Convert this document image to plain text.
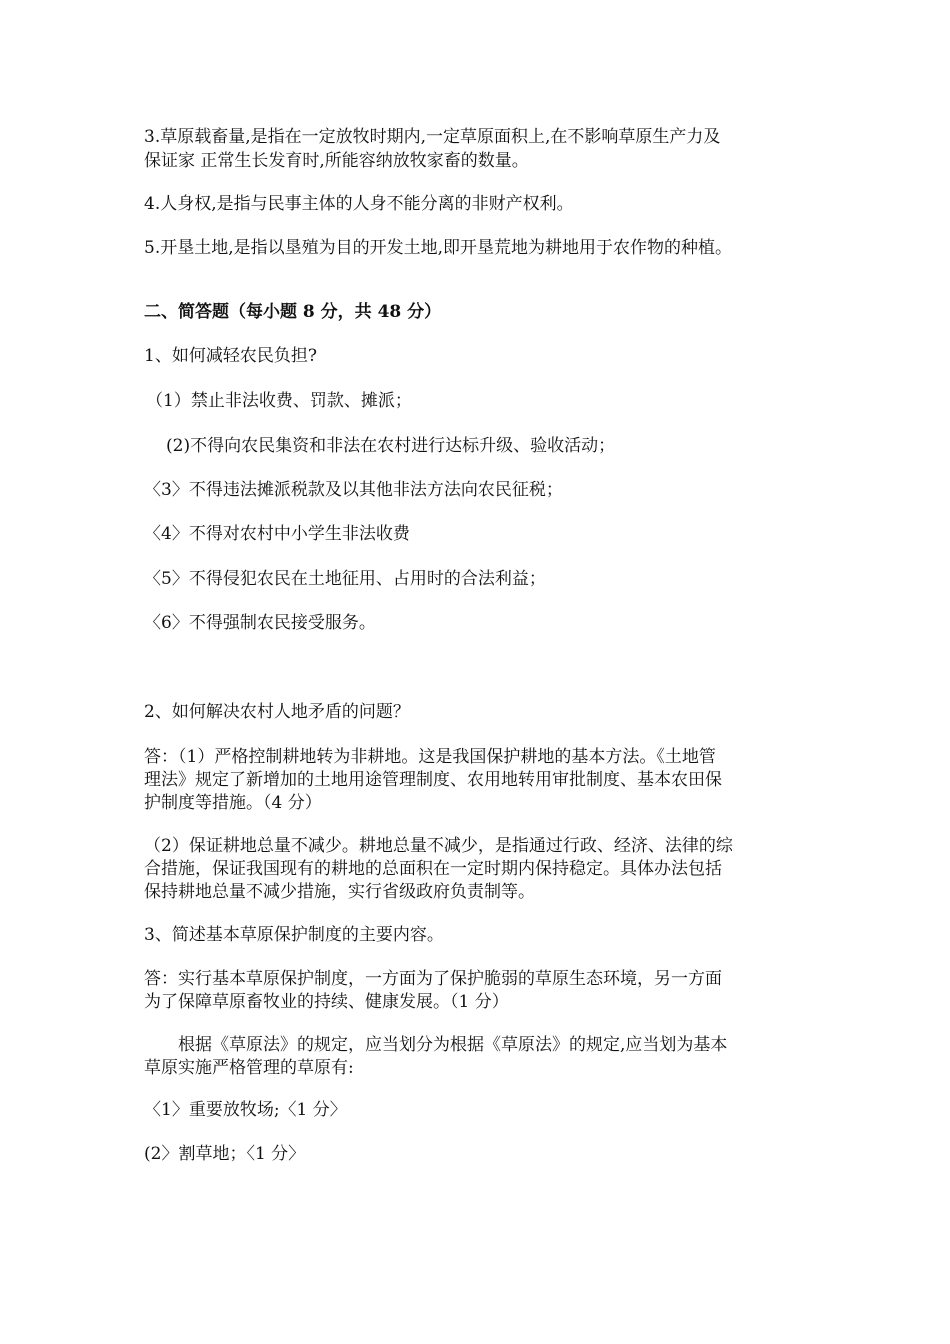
3.草原载畜量,是指在一定放牧时期内,一定草原面积上,在不影响草原生产力及
保证家 正常生长发育时,所能容纳放牧家畜的数量。
4.人身权,是指与民事主体的人身不能分离的非财产权利。
5.开垦土地,是指以垦殖为目的开发土地,即开垦荒地为耕地用于农作物的种植。
二、简答题（每小题 8 分，共 48 分）
1、如何减轻农民负担?
（1）禁止非法收费、罚款、摊派；
(2)不得向农民集资和非法在农村进行达标升级、验收活动；
〈3〉不得违法摊派税款及以其他非法方法向农民征税；
〈4〉不得对农村中小学生非法收费
〈5〉不得侵犯农民在土地征用、占用时的合法利益；
〈6〉不得强制农民接受服务。
2、如何解决农村人地矛盾的问题？
答：（1）严格控制耕地转为非耕地。这是我国保护耕地的基本方法。《土地管
理法》规定了新增加的土地用途管理制度、农用地转用审批制度、基本农田保
护制度等措施。（4 分）
（2）保证耕地总量不减少。耕地总量不减少，是指通过行政、经济、法律的综
合措施，保证我国现有的耕地的总面积在一定时期内保持稳定。具体办法包括
保持耕地总量不减少措施，实行省级政府负责制等。
3、简述基本草原保护制度的主要内容。
答：实行基本草原保护制度，一方面为了保护脆弱的草原生态环境，另一方面
为了保障草原畜牧业的持续、健康发展。（1 分）
根据《草原法》的规定，应当划分为根据《草原法》的规定,应当划为基本
草原实施严格管理的草原有:
〈1〉重要放牧场;〈1 分〉
(2〉割草地；〈1 分〉
